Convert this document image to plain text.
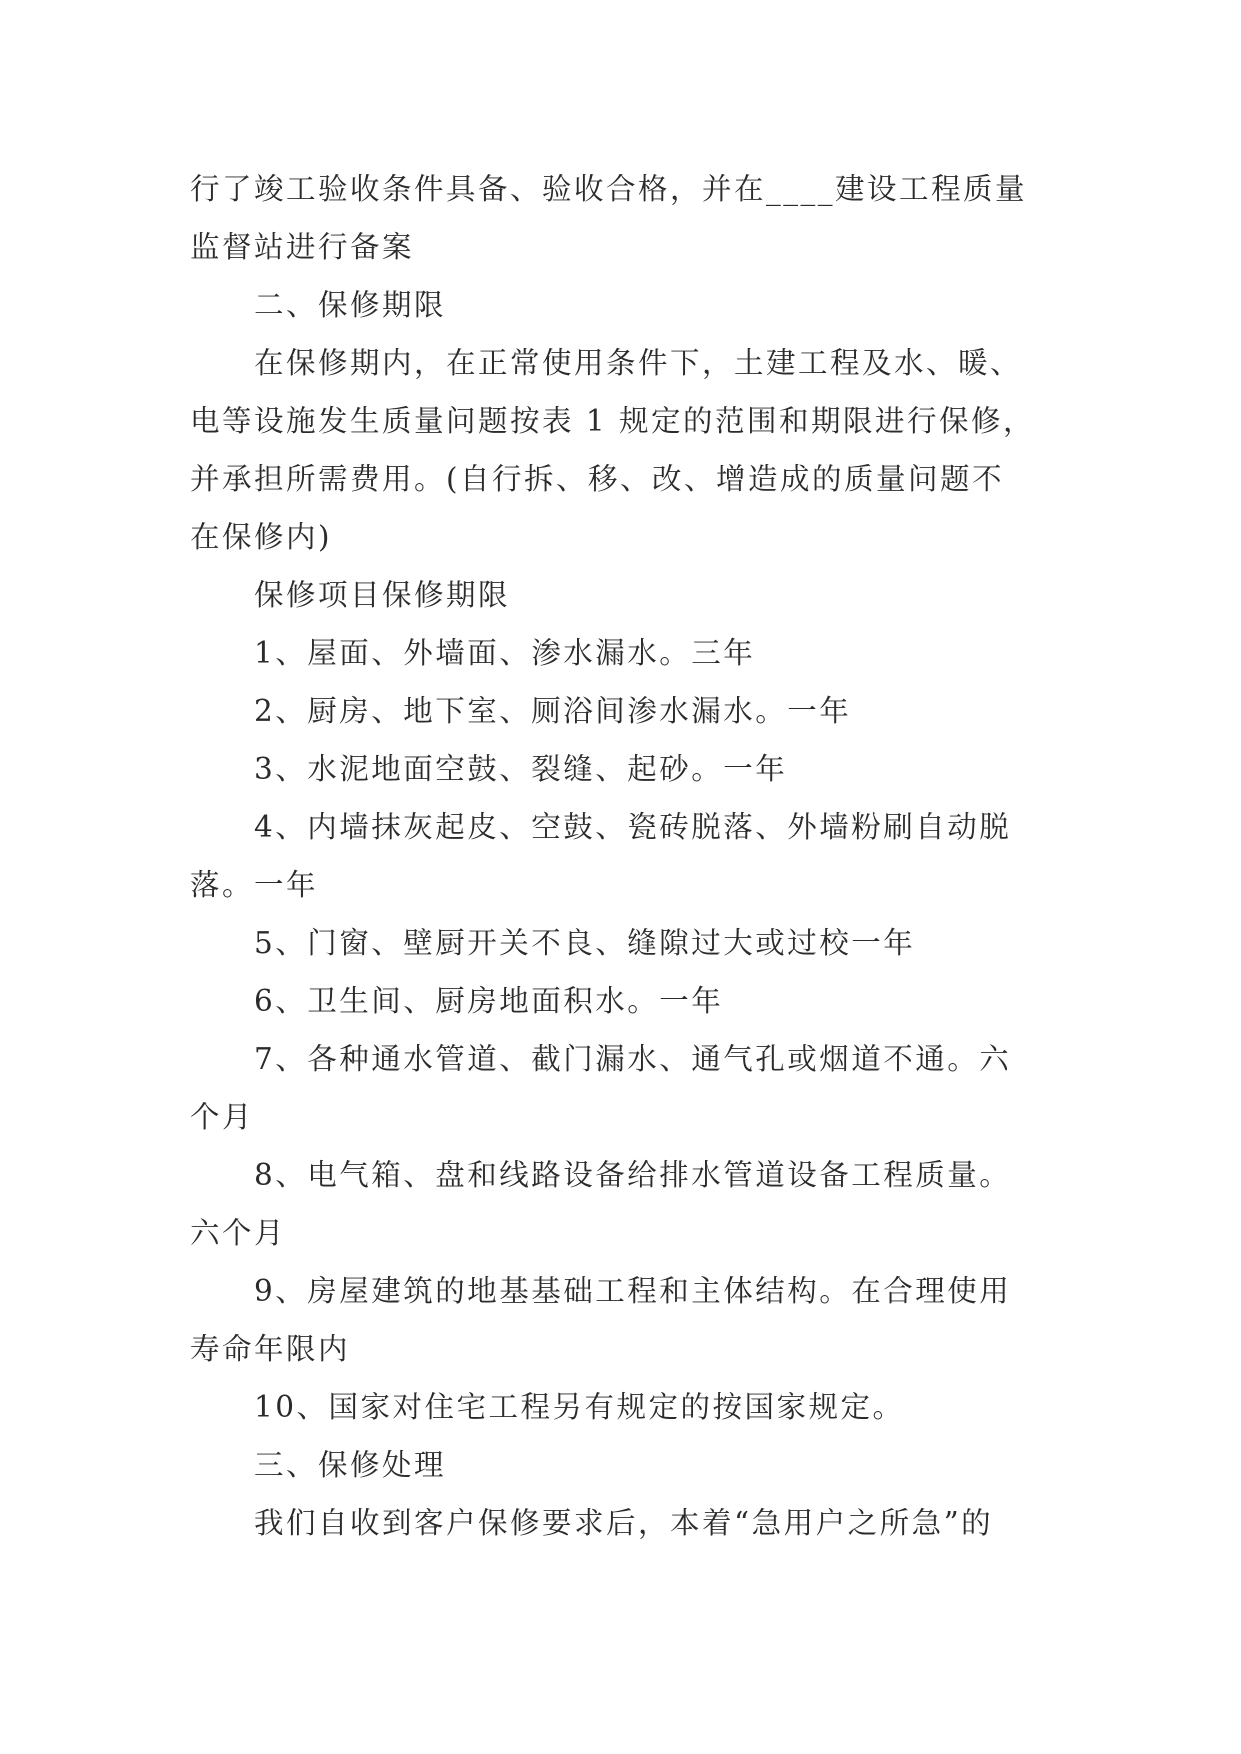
行了竣工验收条件具备、验收合格，并在____建设工程质量

监督站进行备案

二、保修期限

在保修期内，在正常使用条件下，土建工程及水、暖、

电等设施发生质量问题按表 1 规定的范围和期限进行保修，

并承担所需费用。(自行拆、移、改、增造成的质量问题不

在保修内)

保修项目保修期限

1、屋面、外墙面、渗水漏水。三年

2、厨房、地下室、厕浴间渗水漏水。一年

3、水泥地面空鼓、裂缝、起砂。一年

4、内墙抹灰起皮、空鼓、瓷砖脱落、外墙粉刷自动脱

落。一年

5、门窗、壁厨开关不良、缝隙过大或过校一年

6、卫生间、厨房地面积水。一年

7、各种通水管道、截门漏水、通气孔或烟道不通。六

个月

8、电气箱、盘和线路设备给排水管道设备工程质量。

六个月

9、房屋建筑的地基基础工程和主体结构。在合理使用

寿命年限内

10、国家对住宅工程另有规定的按国家规定。

三、保修处理

我们自收到客户保修要求后，本着“急用户之所急”的
